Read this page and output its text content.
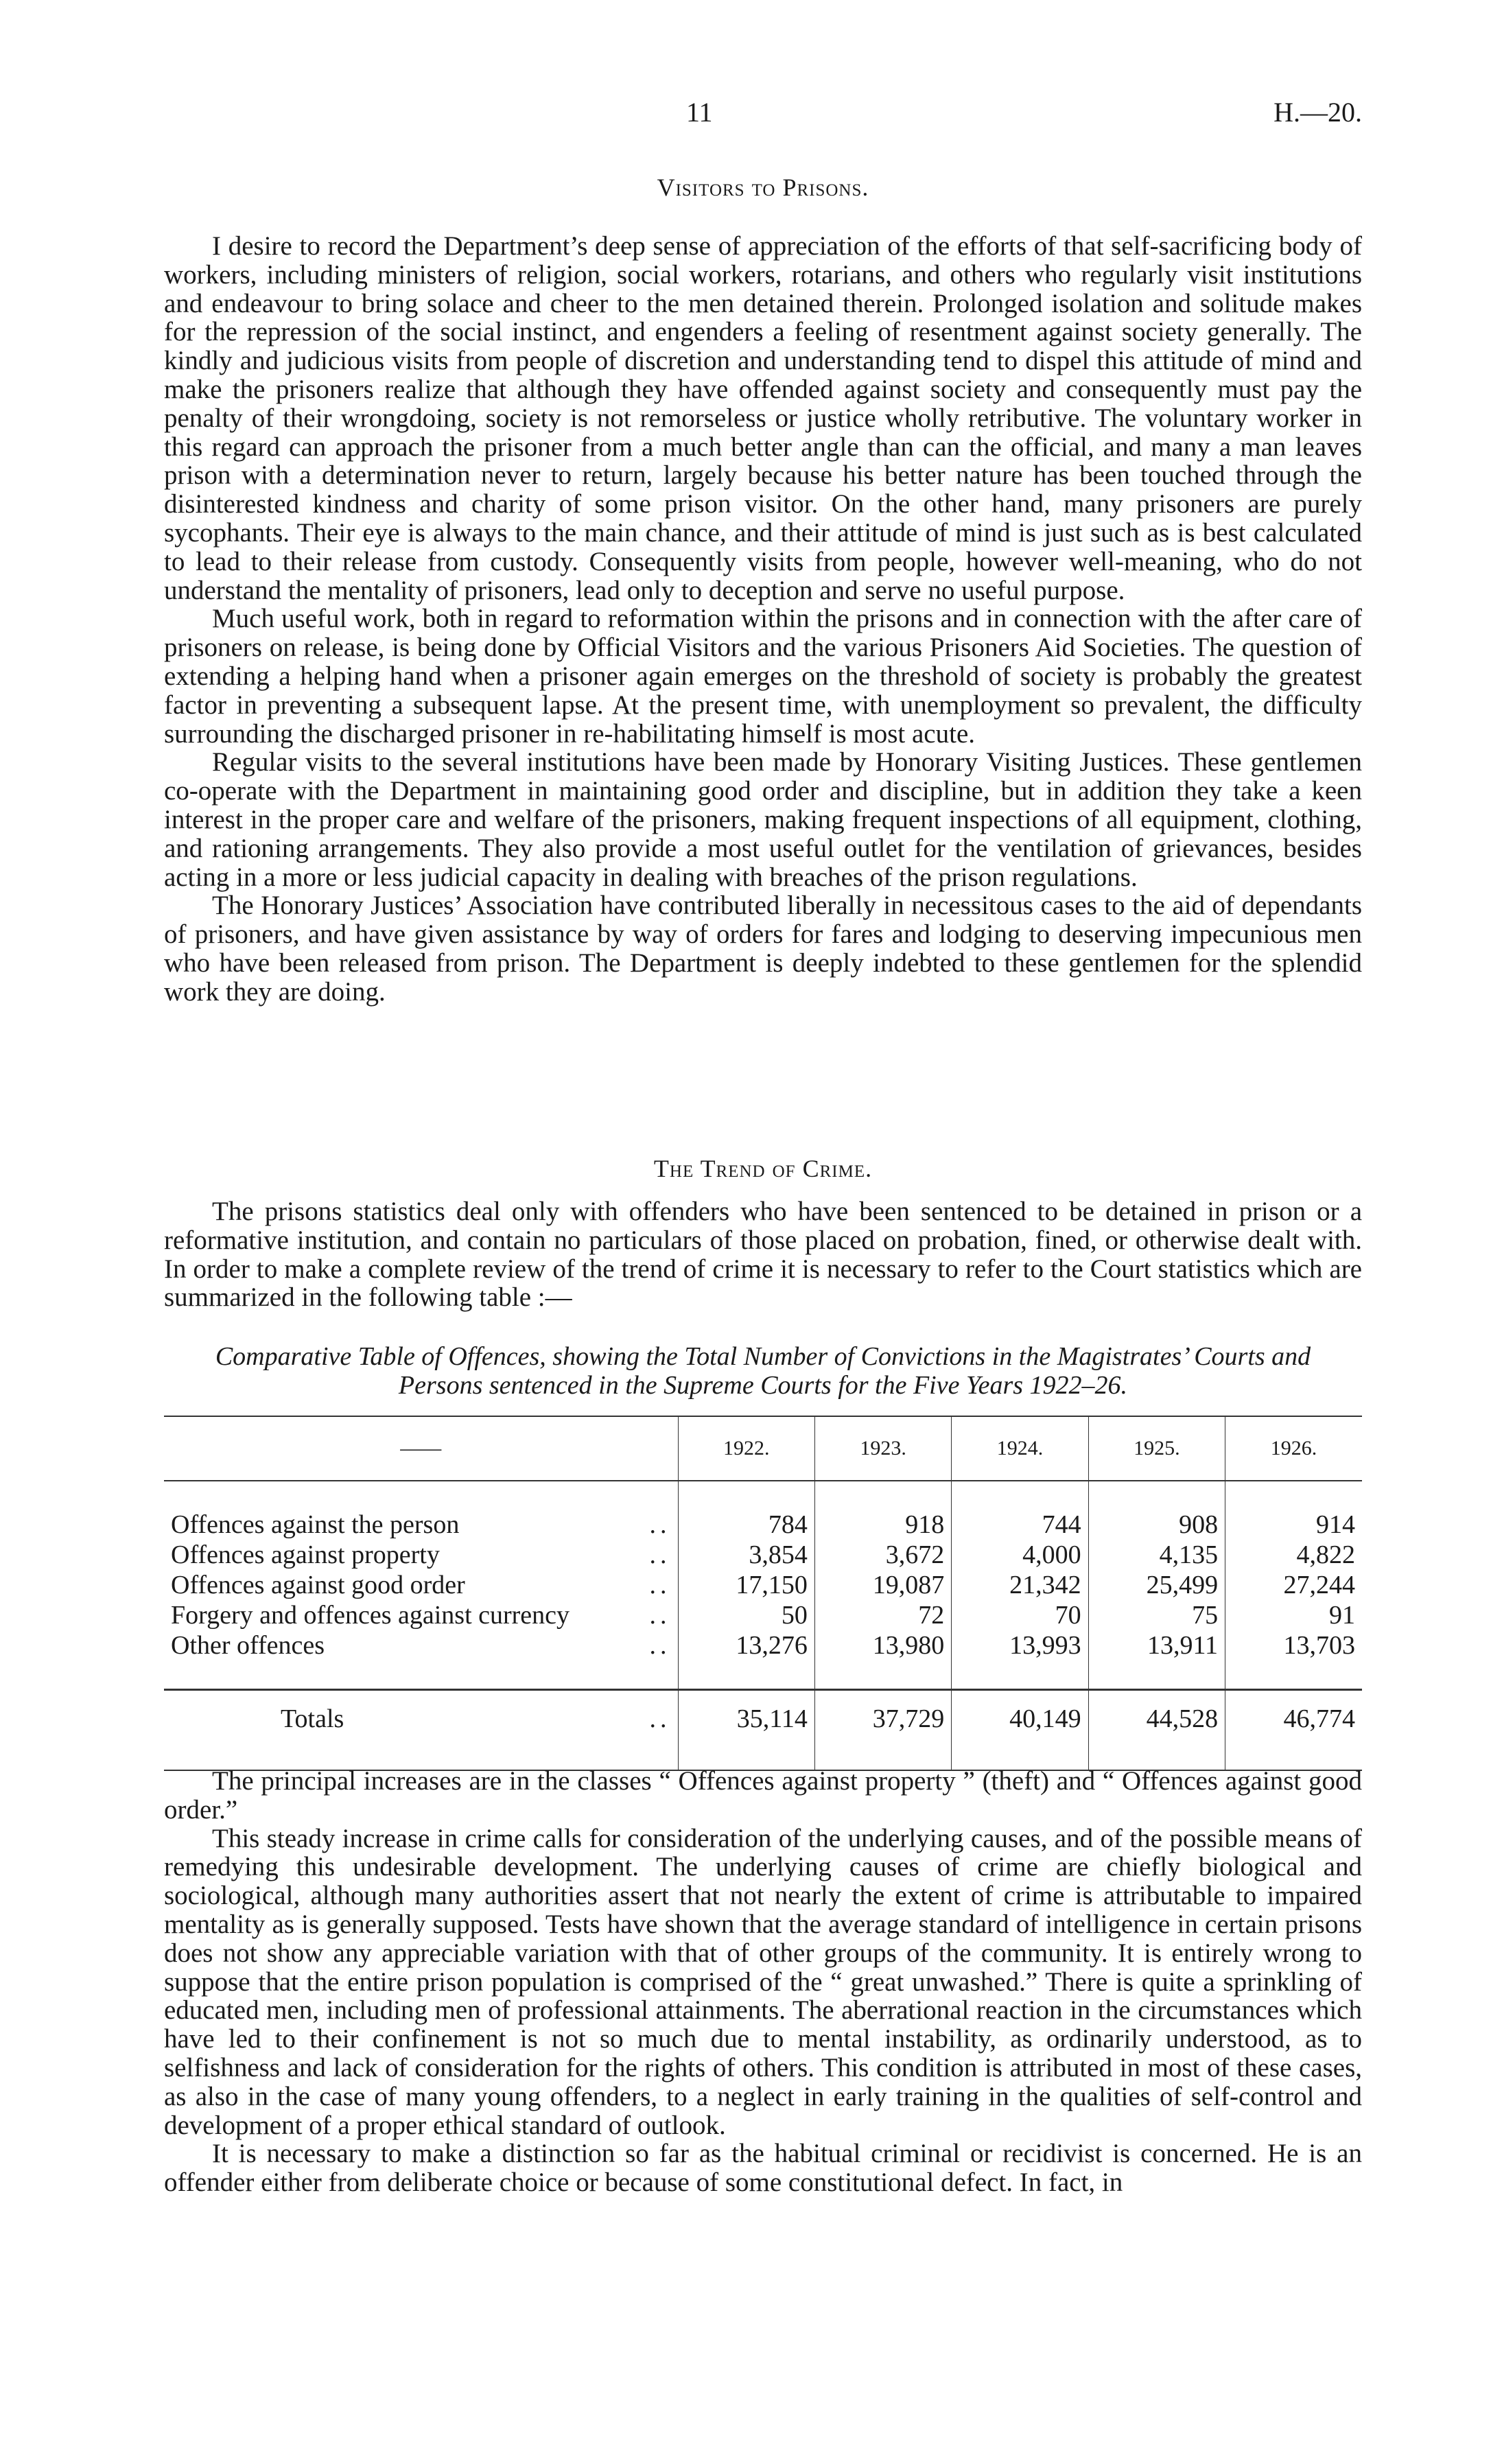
11	H.—20.
Visitors to Prisons.

I desire to record the Department’s deep sense of appreciation of the efforts of that self-sacrificing body of workers, including ministers of religion, social workers, rotarians, and others who regularly visit institutions and endeavour to bring solace and cheer to the men detained therein. Prolonged isolation and solitude makes for the repression of the social instinct, and engenders a feeling of resentment against society generally. The kindly and judicious visits from people of discretion and understanding tend to dispel this attitude of mind and make the prisoners realize that although they have offended against society and consequently must pay the penalty of their wrongdoing, society is not remorseless or justice wholly retributive. The voluntary worker in this regard can approach the prisoner from a much better angle than can the official, and many a man leaves prison with a determination never to return, largely because his better nature has been touched through the disinterested kindness and charity of some prison visitor. On the other hand, many prisoners are purely sycophants. Their eye is always to the main chance, and their attitude of mind is just such as is best calculated to lead to their release from custody. Consequently visits from people, however well-meaning, who do not understand the mentality of prisoners, lead only to deception and serve no useful purpose.

Much useful work, both in regard to reformation within the prisons and in connection with the after care of prisoners on release, is being done by Official Visitors and the various Prisoners Aid Societies. The question of extending a helping hand when a prisoner again emerges on the threshold of society is probably the greatest factor in preventing a subsequent lapse. At the present time, with unemployment so prevalent, the difficulty surrounding the discharged prisoner in re-habilitating himself is most acute.

Regular visits to the several institutions have been made by Honorary Visiting Justices. These gentlemen co-operate with the Department in maintaining good order and discipline, but in addition they take a keen interest in the proper care and welfare of the prisoners, making frequent inspections of all equipment, clothing, and rationing arrangements. They also provide a most useful outlet for the ventilation of grievances, besides acting in a more or less judicial capacity in dealing with breaches of the prison regulations.

The Honorary Justices’ Association have contributed liberally in necessitous cases to the aid of dependants of prisoners, and have given assistance by way of orders for fares and lodging to deserving impecunious men who have been released from prison. The Department is deeply indebted to these gentlemen for the splendid work they are doing.

The Trend of Crime.

The prisons statistics deal only with offenders who have been sentenced to be detained in prison or a reformative institution, and contain no particulars of those placed on probation, fined, or otherwise dealt with. In order to make a complete review of the trend of crime it is necessary to refer to the Court statistics which are summarized in the following table :—

Comparative Table of Offences, showing the Total Number of Convictions in the Magistrates’ Courts and
Persons sentenced in the Supreme Courts for the Five Years 1922–26.
——	1922.	1923.	1924.	1925.	1926.

..
Offences against the person	784	918	744	908	914

..
Offences against property	3,854	3,672	4,000	4,135	4,822

..
Offences against good order	17,150	19,087	21,342	25,499	27,244

..
Forgery and offences against currency	50	72	70	75	91

..
Other offences	13,276	13,980	13,993	13,911	13,703

..
Totals	35,114	37,729	40,149	44,528	46,774

The principal increases are in the classes “ Offences against property ” (theft) and “ Offences against good order.”

This steady increase in crime calls for consideration of the underlying causes, and of the possible means of remedying this undesirable development. The underlying causes of crime are chiefly biological and sociological, although many authorities assert that not nearly the extent of crime is attributable to impaired mentality as is generally supposed. Tests have shown that the average standard of intelligence in certain prisons does not show any appreciable variation with that of other groups of the community. It is entirely wrong to suppose that the entire prison population is comprised of the “ great unwashed.” There is quite a sprinkling of educated men, including men of professional attainments. The aberrational reaction in the circumstances which have led to their confinement is not so much due to mental instability, as ordinarily understood, as to selfishness and lack of consideration for the rights of others. This condition is attributed in most of these cases, as also in the case of many young offenders, to a neglect in early training in the qualities of self-control and development of a proper ethical standard of outlook.

It is necessary to make a distinction so far as the habitual criminal or recidivist is concerned. He is an offender either from deliberate choice or because of some constitutional defect. In fact, in
